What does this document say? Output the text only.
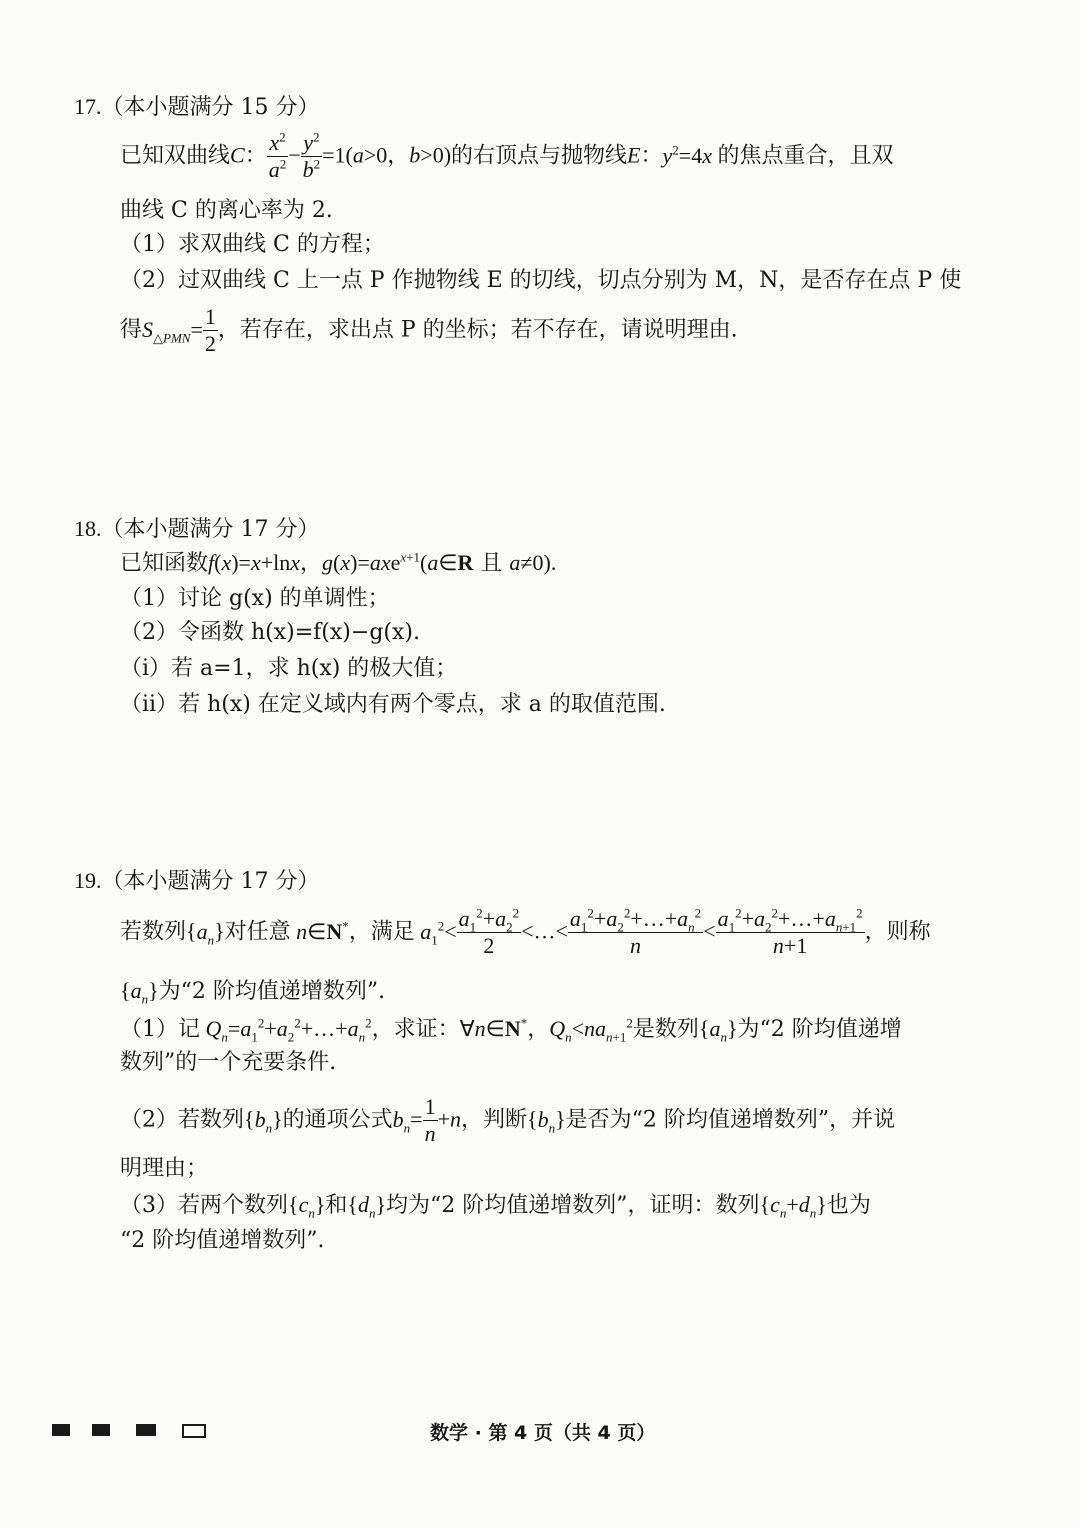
17.（本小题满分 15 分）
已知双曲线C： $\frac{x^2}{a^2} - \frac{y^2}{b^2} =1(a>0$，b>0)的右顶点与抛物线E：$y^2=4x$ 的焦点重合，且双
曲线 C 的离心率为 2.
（1）求双曲线 C 的方程；
（2）过双曲线 C 上一点 P 作抛物线 E 的切线，切点分别为 M，N，是否存在点 P 使
得$S_{\triangle PMN}= \frac{1}{2}$ ，若存在，求出点 P 的坐标；若不存在，请说明理由.
18.（本小题满分 17 分）
已知函数f(x)=x+lnx，g(x)=axe$^{x+1}$(a∈R 且 a≠0).
（1）讨论 g(x) 的单调性；
（2）令函数 h(x)=f(x)−g(x).
（ⅰ）若 a=1，求 h(x) 的极大值；
（ⅱ）若 h(x) 在定义域内有两个零点，求 a 的取值范围.
19.（本小题满分 17 分）
若数列$\{a_n\}$对任意 n∈N*，满足 $a_1^2< \frac{a_1^2+a_2^2}{2}$ <…< $\frac{a_1^2+a_2^2+\dots+a_n^2}{n} < \frac{a_1^2+a_2^2+\dots+a_{n+1}^2}{n+1}$ ，则称
$\{a_n\}$为“2 阶均值递增数列”.
（1）记 $Q_n=a_1^2+a_2^2+\dots+a_n^2$，求证：∀n∈N*，$Q_n<na_{n+1}^2$是数列$\{a_n\}$为“2 阶均值递增
数列”的一个充要条件.
（2）若数列$\{b_n\}$的通项公式$b_n= \frac{1}{n} +n$，判断$\{b_n\}$是否为“2 阶均值递增数列”，并说
明理由；
（3）若两个数列$\{c_n\}$和$\{d_n\}$均为“2 阶均值递增数列”，证明：数列$\{c_n+d_n\}$也为
“2 阶均值递增数列”.
数学 · 第 4 页（共 4 页）
